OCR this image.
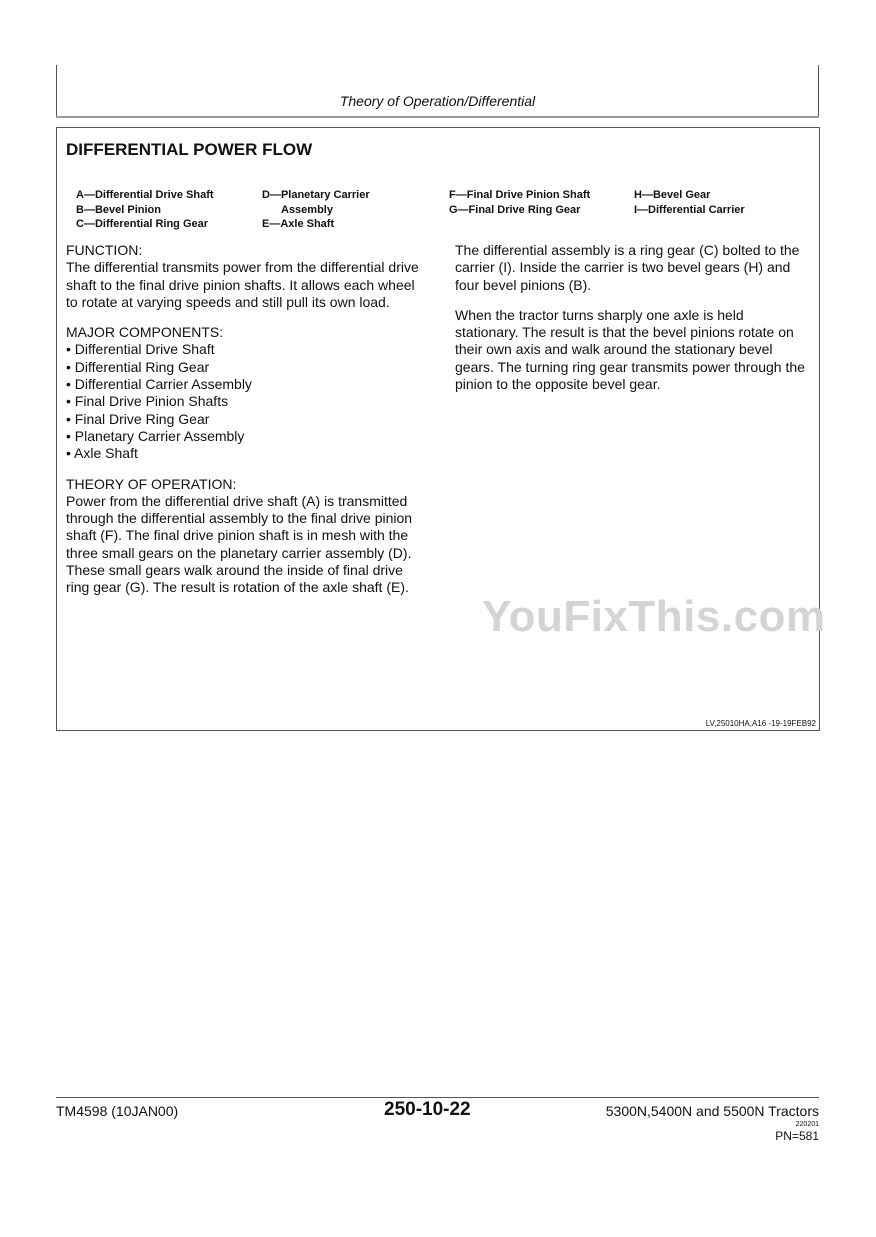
Theory of Operation/Differential
DIFFERENTIAL POWER FLOW
A—Differential Drive Shaft
B—Bevel Pinion
C—Differential Ring Gear
D—Planetary Carrier
Assembly
E—Axle Shaft
F—Final Drive Pinion Shaft
G—Final Drive Ring Gear
H—Bevel Gear
I—Differential Carrier
FUNCTION:

The differential transmits power from the differential drive shaft to the final drive pinion shafts. It allows each wheel to rotate at varying speeds and still pull its own load.

MAJOR COMPONENTS:
• Differential Drive Shaft
• Differential Ring Gear
• Differential Carrier Assembly
• Final Drive Pinion Shafts
• Final Drive Ring Gear
• Planetary Carrier Assembly
• Axle Shaft
THEORY OF OPERATION:

Power from the differential drive shaft (A) is transmitted through the differential assembly to the final drive pinion shaft (F). The final drive pinion shaft is in mesh with the three small gears on the planetary carrier assembly (D). These small gears walk around the inside of final drive ring gear (G). The result is rotation of the axle shaft (E).

The differential assembly is a ring gear (C) bolted to the carrier (I). Inside the carrier is two bevel gears (H) and four bevel pinions (B).

When the tractor turns sharply one axle is held stationary. The result is that the bevel pinions rotate on their own axis and walk around the stationary bevel gears. The turning ring gear transmits power through the pinion to the opposite bevel gear.

YouFixThis.com
LV,25010HA,A16 -19-19FEB92
TM4598 (10JAN00)	250-10-22	5300N,5400N and 5500N Tractors
220201
PN=581
